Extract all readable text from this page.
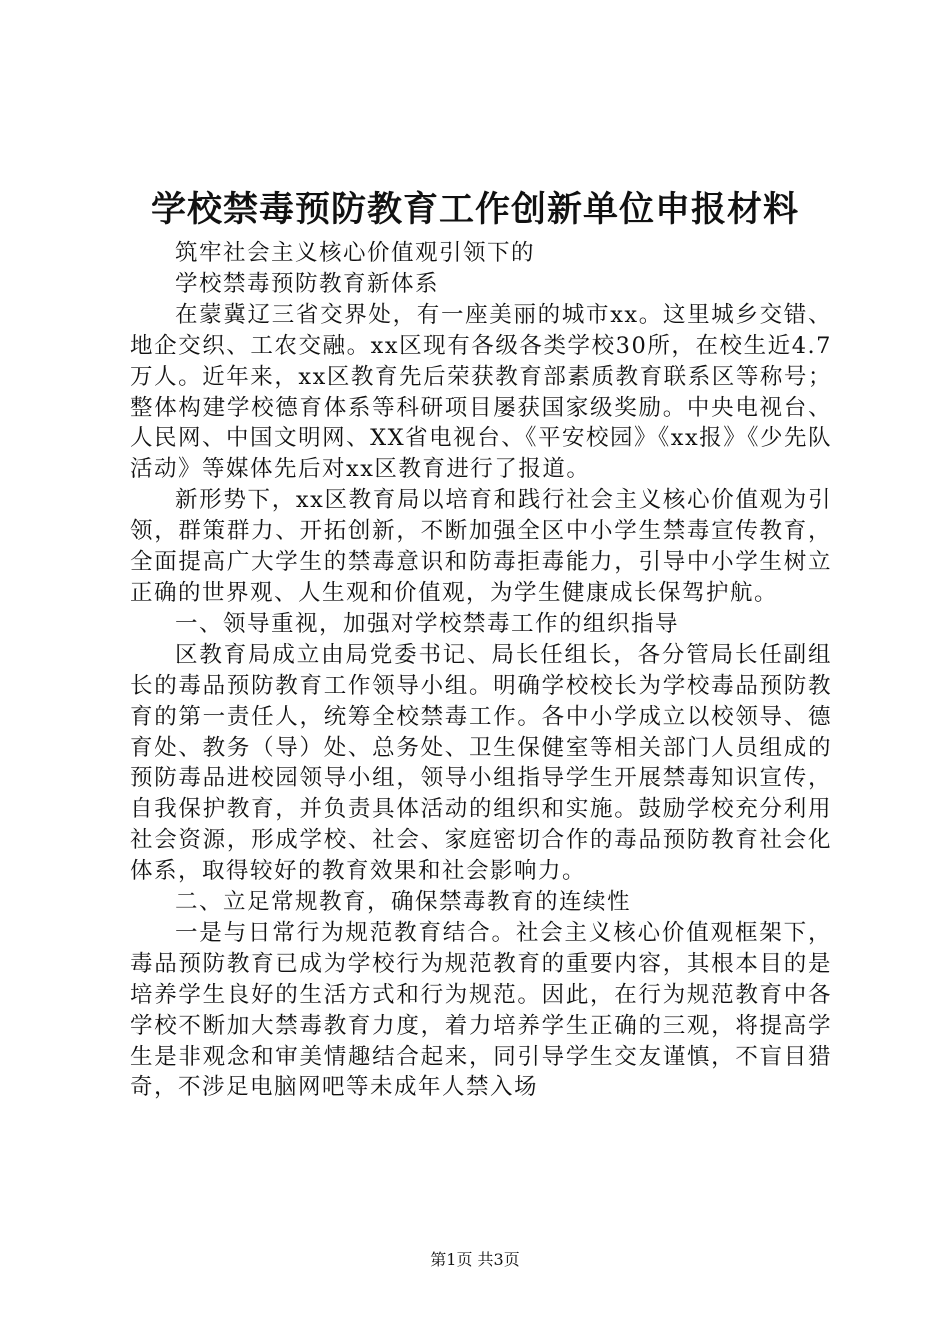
学校禁毒预防教育工作创新单位申报材料

筑牢社会主义核心价值观引领下的

学校禁毒预防教育新体系

在蒙冀辽三省交界处，有一座美丽的城市xx。这里城乡交错、地企交织、工农交融。xx区现有各级各类学校30所，在校生近4.7万人。近年来，xx区教育先后荣获教育部素质教育联系区等称号；整体构建学校德育体系等科研项目屡获国家级奖励。中央电视台、人民网、中国文明网、XX省电视台、《平安校园》《xx报》《少先队活动》等媒体先后对xx区教育进行了报道。

新形势下，xx区教育局以培育和践行社会主义核心价值观为引领，群策群力、开拓创新，不断加强全区中小学生禁毒宣传教育，全面提高广大学生的禁毒意识和防毒拒毒能力，引导中小学生树立正确的世界观、人生观和价值观，为学生健康成长保驾护航。

一、领导重视，加强对学校禁毒工作的组织指导

区教育局成立由局党委书记、局长任组长，各分管局长任副组长的毒品预防教育工作领导小组。明确学校校长为学校毒品预防教育的第一责任人，统筹全校禁毒工作。各中小学成立以校领导、德育处、教务（导）处、总务处、卫生保健室等相关部门人员组成的预防毒品进校园领导小组，领导小组指导学生开展禁毒知识宣传，自我保护教育，并负责具体活动的组织和实施。鼓励学校充分利用社会资源，形成学校、社会、家庭密切合作的毒品预防教育社会化体系，取得较好的教育效果和社会影响力。

二、立足常规教育，确保禁毒教育的连续性

一是与日常行为规范教育结合。社会主义核心价值观框架下，毒品预防教育已成为学校行为规范教育的重要内容，其根本目的是培养学生良好的生活方式和行为规范。因此，在行为规范教育中各学校不断加大禁毒教育力度，着力培养学生正确的三观，将提高学生是非观念和审美情趣结合起来，同引导学生交友谨慎，不盲目猎奇，不涉足电脑网吧等未成年人禁入场

第1页 共3页
